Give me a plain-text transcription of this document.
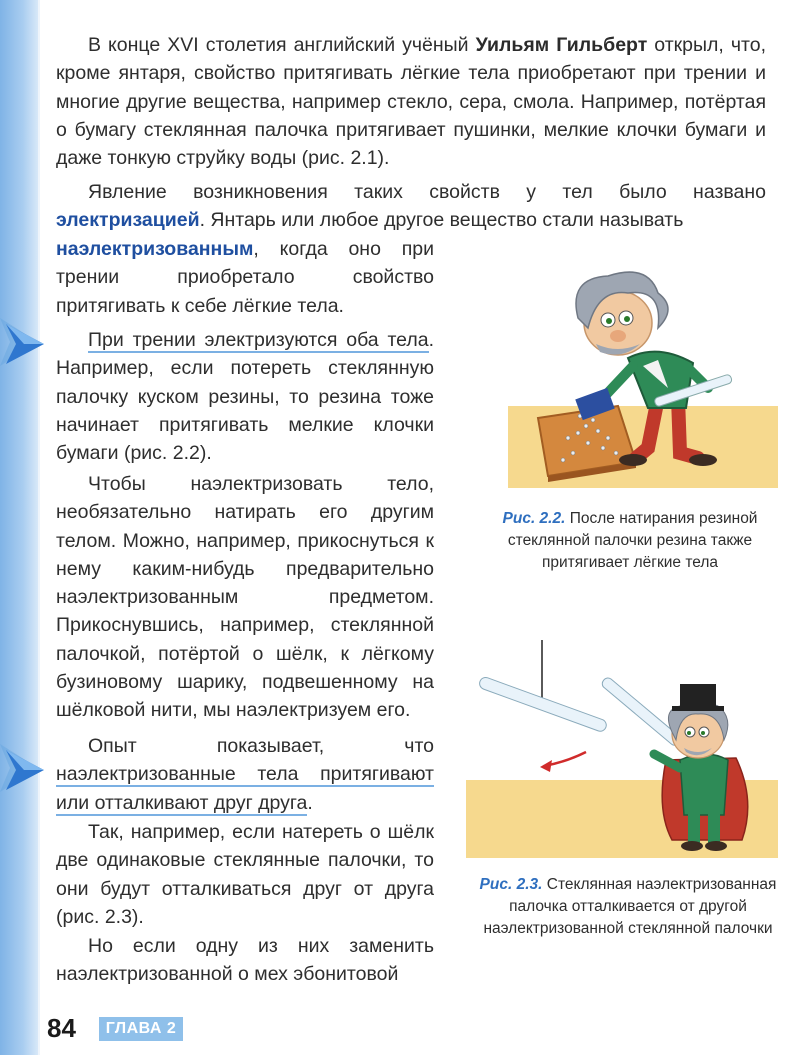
В конце XVI столетия английский учёный Уильям Гильберт открыл, что, кроме янтаря, свойство притягивать лёгкие тела приобретают при трении и многие другие вещества, например стекло, сера, смола. Например, потёртая о бумагу стеклянная палочка притягивает пушинки, мелкие клочки бумаги и даже тонкую струйку воды (рис. 2.1).

Явление возникновения таких свойств у тел было названо электризацией. Янтарь или любое другое вещество стали называть

наэлектризованным, когда оно при трении приобретало свойство притягивать к себе лёгкие тела.

При трении электризуются оба тела. Например, если потереть стеклянную палочку куском резины, то резина тоже начинает притягивать мелкие клочки бумаги (рис. 2.2).

Чтобы наэлектризовать тело, необязательно натирать его другим телом. Можно, например, прикоснуться к нему каким-нибудь предварительно наэлектризованным предметом. Прикоснувшись, например, стеклянной палочкой, потёртой о шёлк, к лёгкому бузиновому шарику, подвешенному на шёлковой нити, мы наэлектризуем его.

Опыт показывает, что наэлектризованные тела притягивают или отталкивают друг друга.

Так, например, если натереть о шёлк две одинаковые стеклянные палочки, то они будут отталкиваться друг от друга (рис. 2.3).

Но если одну из них заменить наэлектризованной о мех эбонитовой

Рис. 2.2. После натирания резиной стеклянной палочки резина также притягивает лёгкие тела
Рис. 2.3. Стеклянная наэлектризованная палочка отталкивается от другой наэлектризованной стеклянной палочки
84	ГЛАВА 2
